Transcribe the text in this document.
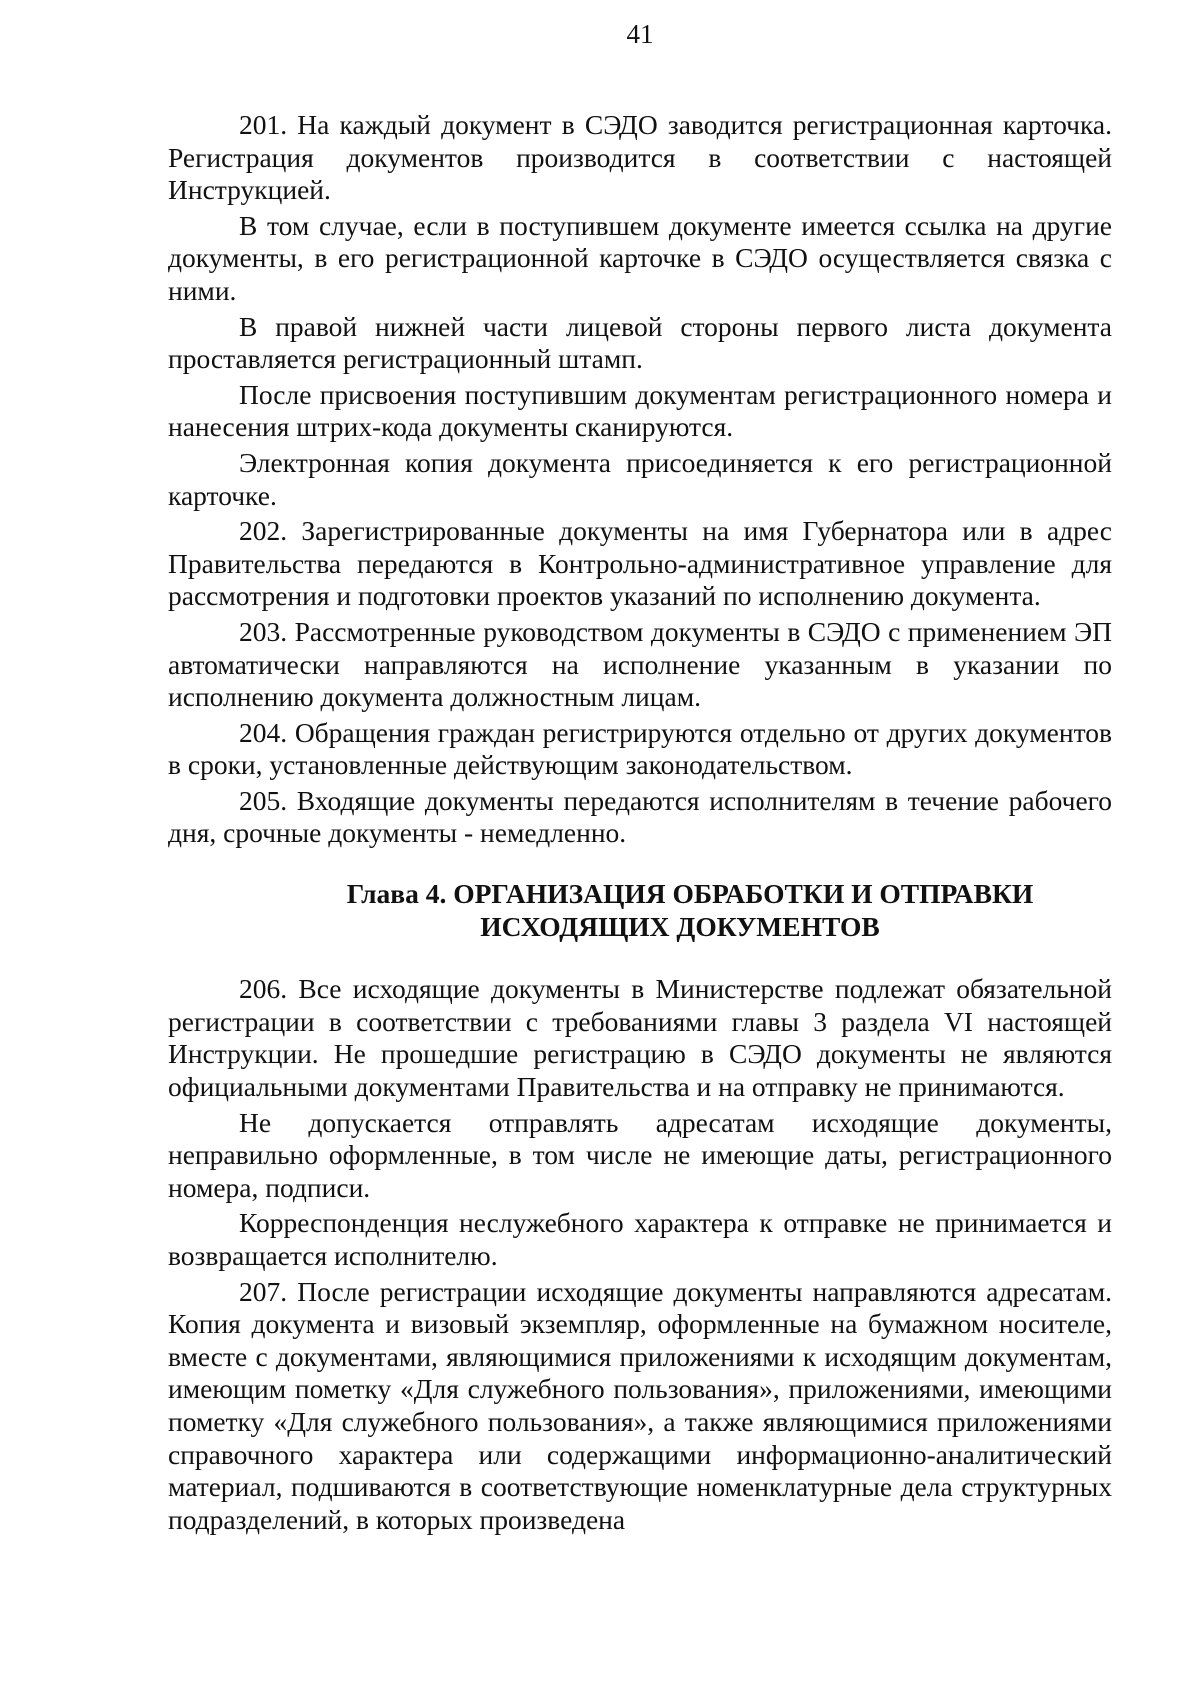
41

201. На каждый документ в СЭДО заводится регистрационная карточка. Регистрация документов производится в соответствии с настоящей Инструкцией.

В том случае, если в поступившем документе имеется ссылка на другие документы, в его регистрационной карточке в СЭДО осуществляется связка с ними.

В правой нижней части лицевой стороны первого листа документа проставляется регистрационный штамп.

После присвоения поступившим документам регистрационного номера и нанесения штрих-кода документы сканируются.

Электронная копия документа присоединяется к его регистрационной карточке.

202. Зарегистрированные документы на имя Губернатора или в адрес Правительства передаются в Контрольно-административное управление для рассмотрения и подготовки проектов указаний по исполнению документа.

203. Рассмотренные руководством документы в СЭДО с применением ЭП автоматически направляются на исполнение указанным в указании по исполнению документа должностным лицам.

204. Обращения граждан регистрируются отдельно от других документов в сроки, установленные действующим законодательством.

205. Входящие документы передаются исполнителям в течение рабочего дня, срочные документы - немедленно.

Глава 4. ОРГАНИЗАЦИЯ ОБРАБОТКИ И ОТПРАВКИ
ИСХОДЯЩИХ ДОКУМЕНТОВ

206. Все исходящие документы в Министерстве подлежат обязательной регистрации в соответствии с требованиями главы 3 раздела VI настоящей Инструкции. Не прошедшие регистрацию в СЭДО документы не являются официальными документами Правительства и на отправку не принимаются.

Не допускается отправлять адресатам исходящие документы, неправильно оформленные, в том числе не имеющие даты, регистрационного номера, подписи.

Корреспонденция неслужебного характера к отправке не принимается и возвращается исполнителю.

207. После регистрации исходящие документы направляются адресатам. Копия документа и визовый экземпляр, оформленные на бумажном носителе, вместе с документами, являющимися приложениями к исходящим документам, имеющим пометку «Для служебного пользования», приложениями, имеющими пометку «Для служебного пользования», а также являющимися приложениями справочного характера или содержащими информационно-аналитический материал, подшиваются в соответствующие номенклатурные дела структурных подразделений, в которых произведена
